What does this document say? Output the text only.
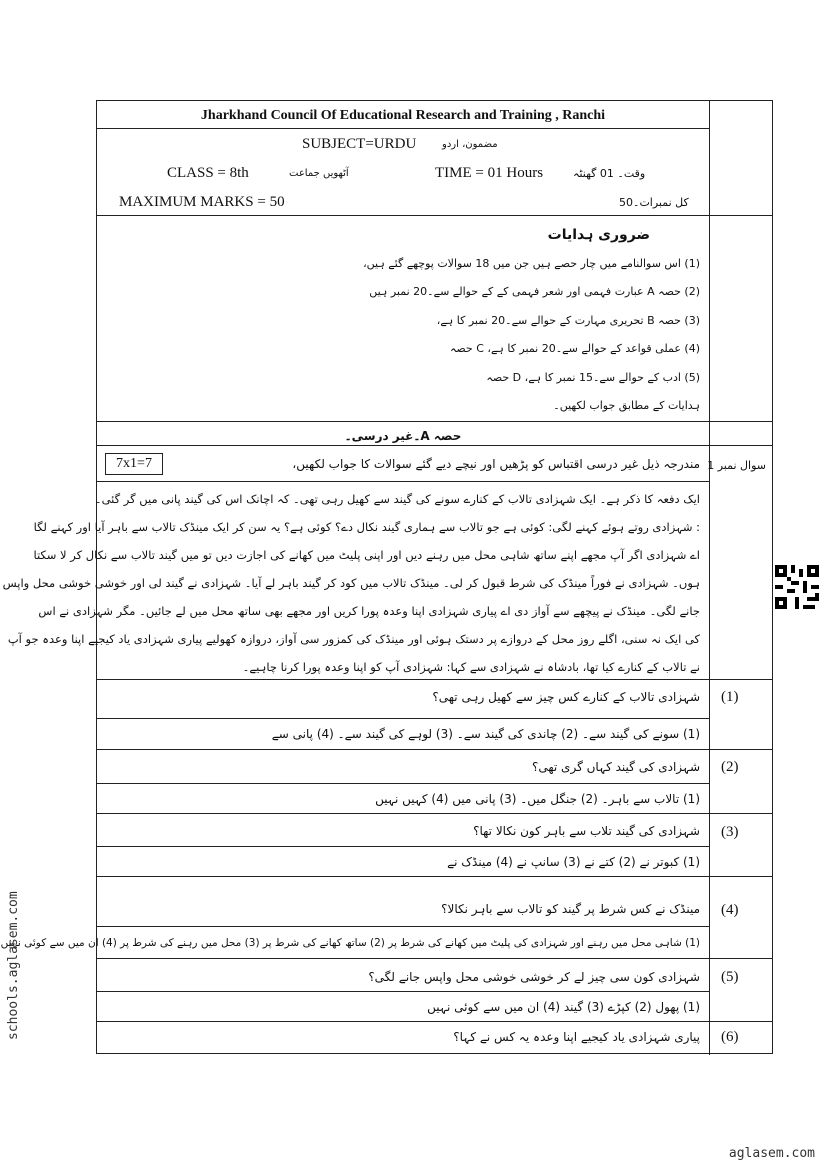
Jharkhand Council Of Educational Research and Training , Ranchi
SUBJECT=URDU	مضمون، اردو
CLASS = 8th	آٹھویں جماعت	TIME = 01 Hours	وقت۔ 01 گھنٹہ
MAXIMUM MARKS = 50	کل نمبرات۔50
ضروری ہدایات
(1) اس سوالنامے میں چار حصے ہیں جن میں 18 سوالات پوچھے گئے ہیں،
(2) حصہ A عبارت فہمی اور شعر فہمی کے کے حوالے سے۔20 نمبر ہیں
(3) حصہ B تحریری مہارت کے حوالے سے۔20 نمبر کا ہے،
(4) عملی قواعد کے حوالے سے۔20 نمبر کا ہے، C حصہ
(5) ادب کے حوالے سے۔15 نمبر کا ہے، D حصہ
ہدایات کے مطابق جواب لکھیں۔
حصہ A۔غیر درسی۔
سوال نمبر 1
مندرجہ ذیل غیر درسی اقتباس کو پڑھیں اور نیچے دیے گئے سوالات کا جواب لکھیں،
7x1=7
ایک دفعہ کا ذکر ہے۔ ایک شہزادی تالاب کے کنارے سونے کی گیند سے کھیل رہی تھی۔ کہ اچانک اس کی گیند پانی میں گر گئی۔
: شہزادی روتے ہوئے کہنے لگی: کوئی ہے جو تالاب سے ہماری گیند نکال دے؟ کوئی ہے؟ یہ سن کر ایک مینڈک تالاب سے باہر آیا اور کہنے لگا
اے شہزادی اگر آپ مجھے اپنے ساتھ شاہی محل میں رہنے دیں اور اپنی پلیٹ میں کھانے کی اجازت دیں تو میں گیند تالاب سے نکال کر لا سکتا
ہوں۔ شہزادی نے فوراً مینڈک کی شرط قبول کر لی۔ مینڈک تالاب میں کود کر گیند باہر لے آیا۔ شہزادی نے گیند لی اور خوشی خوشی محل واپس
جانے لگی۔ مینڈک نے پیچھے سے آواز دی اے پیاری شہزادی اپنا وعدہ پورا کریں اور مجھے بھی ساتھ محل میں لے جائیں۔ مگر شہزادی نے اس
کی ایک نہ سنی، اگلے روز محل کے دروازے پر دستک ہوئی اور مینڈک کی کمزور سی آواز، دروازہ کھولیے پیاری شہزادی یاد کیجیے اپنا وعدہ جو آپ
نے تالاب کے کنارے کیا تھا، بادشاہ نے شہزادی سے کہا: شہزادی آپ کو اپنا وعدہ پورا کرنا چاہیے۔
(1)
شہزادی تالاب کے کنارے کس چیز سے کھیل رہی تھی؟
(1) سونے کی گیند سے۔ (2) چاندی کی گیند سے۔ (3) لوہے کی گیند سے۔ (4) پانی سے
(2)
شہزادی کی گیند کہاں گری تھی؟
(1) تالاب سے باہر۔ (2) جنگل میں۔ (3) پانی میں (4) کہیں نہیں
(3)
شہزادی کی گیند تلاب سے باہر کون نکالا تھا؟
(1) کبوتر نے (2) کتے نے (3) سانپ نے (4) مینڈک نے
(4)
مینڈک نے کس شرط پر گیند کو تالاب سے باہر نکالا؟
(1) شاہی محل میں رہنے اور شہزادی کی پلیٹ میں کھانے کی شرط پر (2) ساتھ کھانے کی شرط پر (3) محل میں رہنے کی شرط پر (4) ان میں سے کوئی نہیں
(5)
شہزادی کون سی چیز لے کر خوشی خوشی محل واپس جانے لگی؟
(1) پھول (2) کپڑے (3) گیند (4) ان میں سے کوئی نہیں
(6)
پیاری شہزادی یاد کیجیے اپنا وعدہ یہ کس نے کہا؟
schools.aglasem.com
aglasem.com
